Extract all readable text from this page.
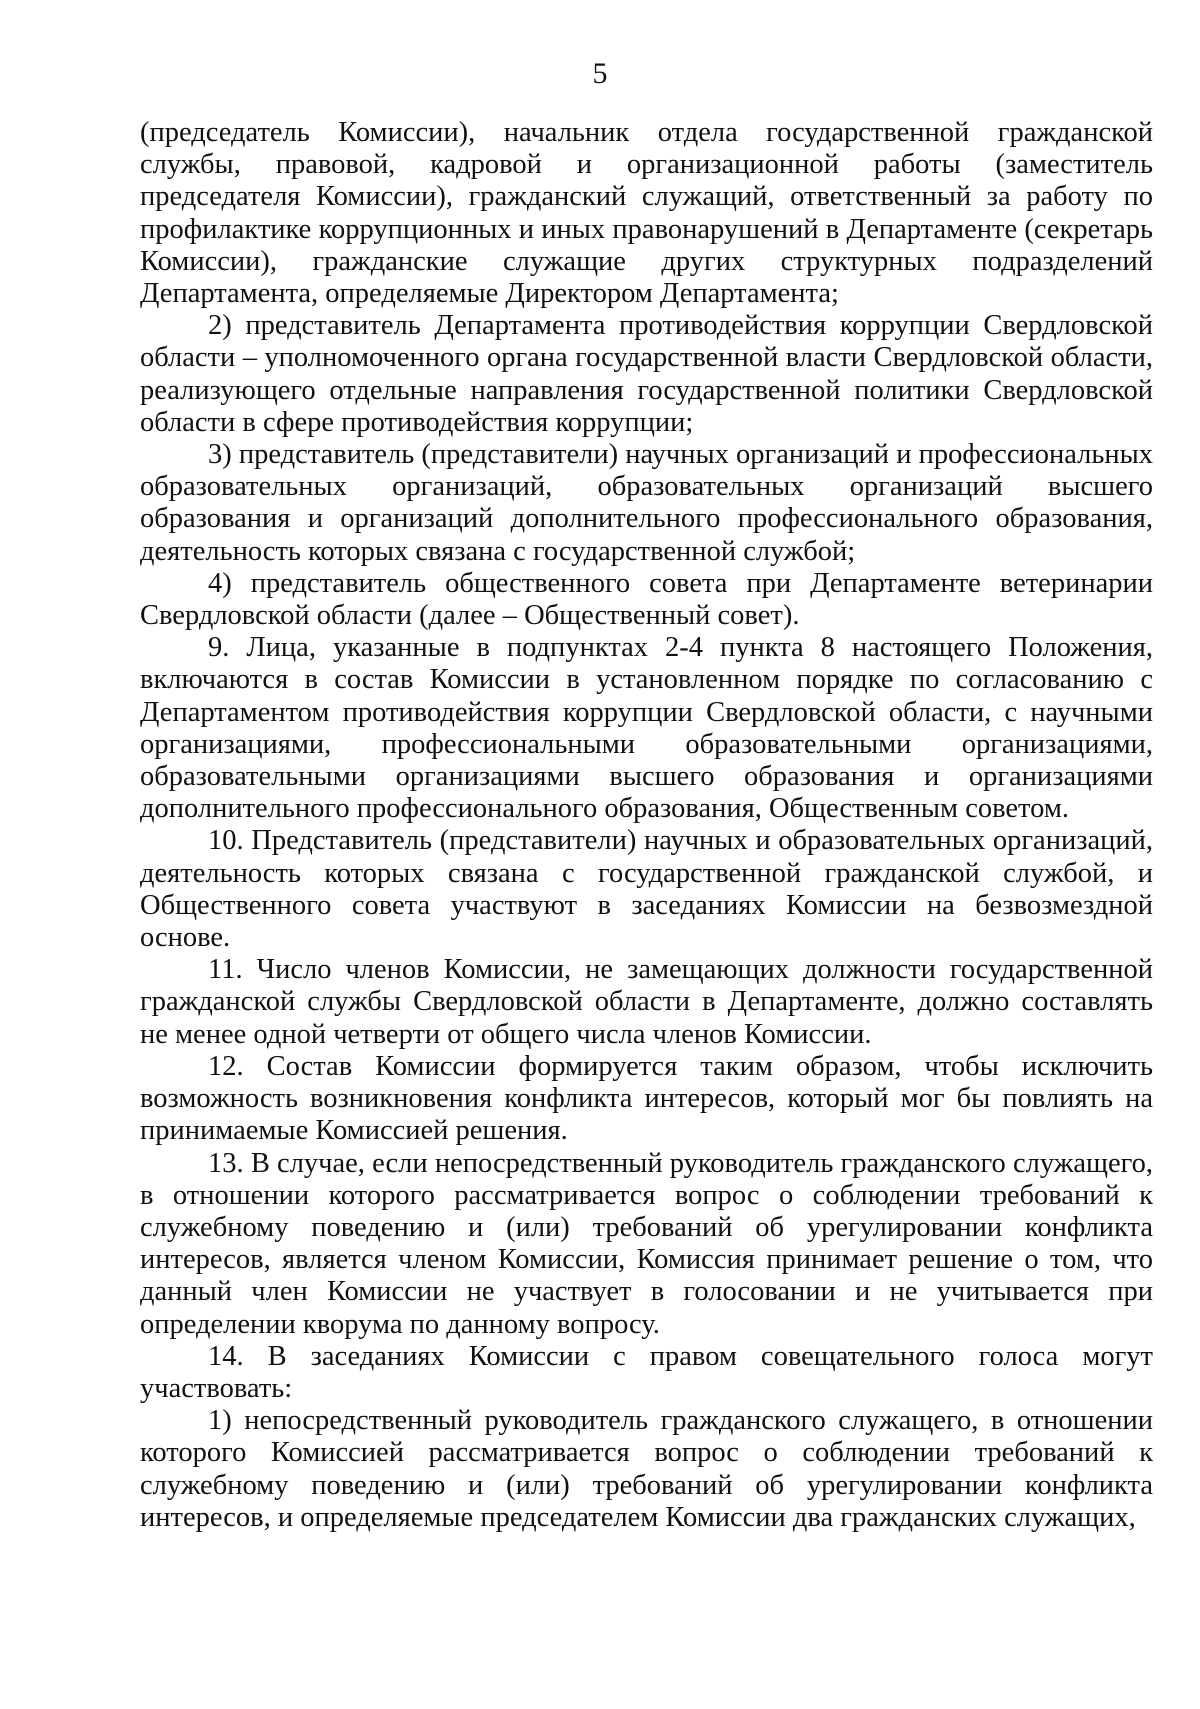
5

(председатель Комиссии), начальник отдела государственной гражданской службы, правовой, кадровой и организационной работы (заместитель председателя Комиссии), гражданский служащий, ответственный за работу по профилактике коррупционных и иных правонарушений в Департаменте (секретарь Комиссии), гражданские служащие других структурных подразделений Департамента, определяемые Директором Департамента;

2) представитель Департамента противодействия коррупции Свердловской области – уполномоченного органа государственной власти Свердловской области, реализующего отдельные направления государственной политики Свердловской области в сфере противодействия коррупции;

3) представитель (представители) научных организаций и профессиональных образовательных организаций, образовательных организаций высшего образования и организаций дополнительного профессионального образования, деятельность которых связана с государственной службой;

4) представитель общественного совета при Департаменте ветеринарии Свердловской области (далее – Общественный совет).

9. Лица, указанные в подпунктах 2-4 пункта 8 настоящего Положения, включаются в состав Комиссии в установленном порядке по согласованию с Департаментом противодействия коррупции Свердловской области, с научными организациями, профессиональными образовательными организациями, образовательными организациями высшего образования и организациями дополнительного профессионального образования, Общественным советом.

10. Представитель (представители) научных и образовательных организаций, деятельность которых связана с государственной гражданской службой, и Общественного совета участвуют в заседаниях Комиссии на безвозмездной основе.

11. Число членов Комиссии, не замещающих должности государственной гражданской службы Свердловской области в Департаменте, должно составлять не менее одной четверти от общего числа членов Комиссии.

12. Состав Комиссии формируется таким образом, чтобы исключить возможность возникновения конфликта интересов, который мог бы повлиять на принимаемые Комиссией решения.

13. В случае, если непосредственный руководитель гражданского служащего, в отношении которого рассматривается вопрос о соблюдении требований к служебному поведению и (или) требований об урегулировании конфликта интересов, является членом Комиссии, Комиссия принимает решение о том, что данный член Комиссии не участвует в голосовании и не учитывается при определении кворума по данному вопросу.

14. В заседаниях Комиссии с правом совещательного голоса могут участвовать:

1) непосредственный руководитель гражданского служащего, в отношении которого Комиссией рассматривается вопрос о соблюдении требований к служебному поведению и (или) требований об урегулировании конфликта интересов, и определяемые председателем Комиссии два гражданских служащих,
